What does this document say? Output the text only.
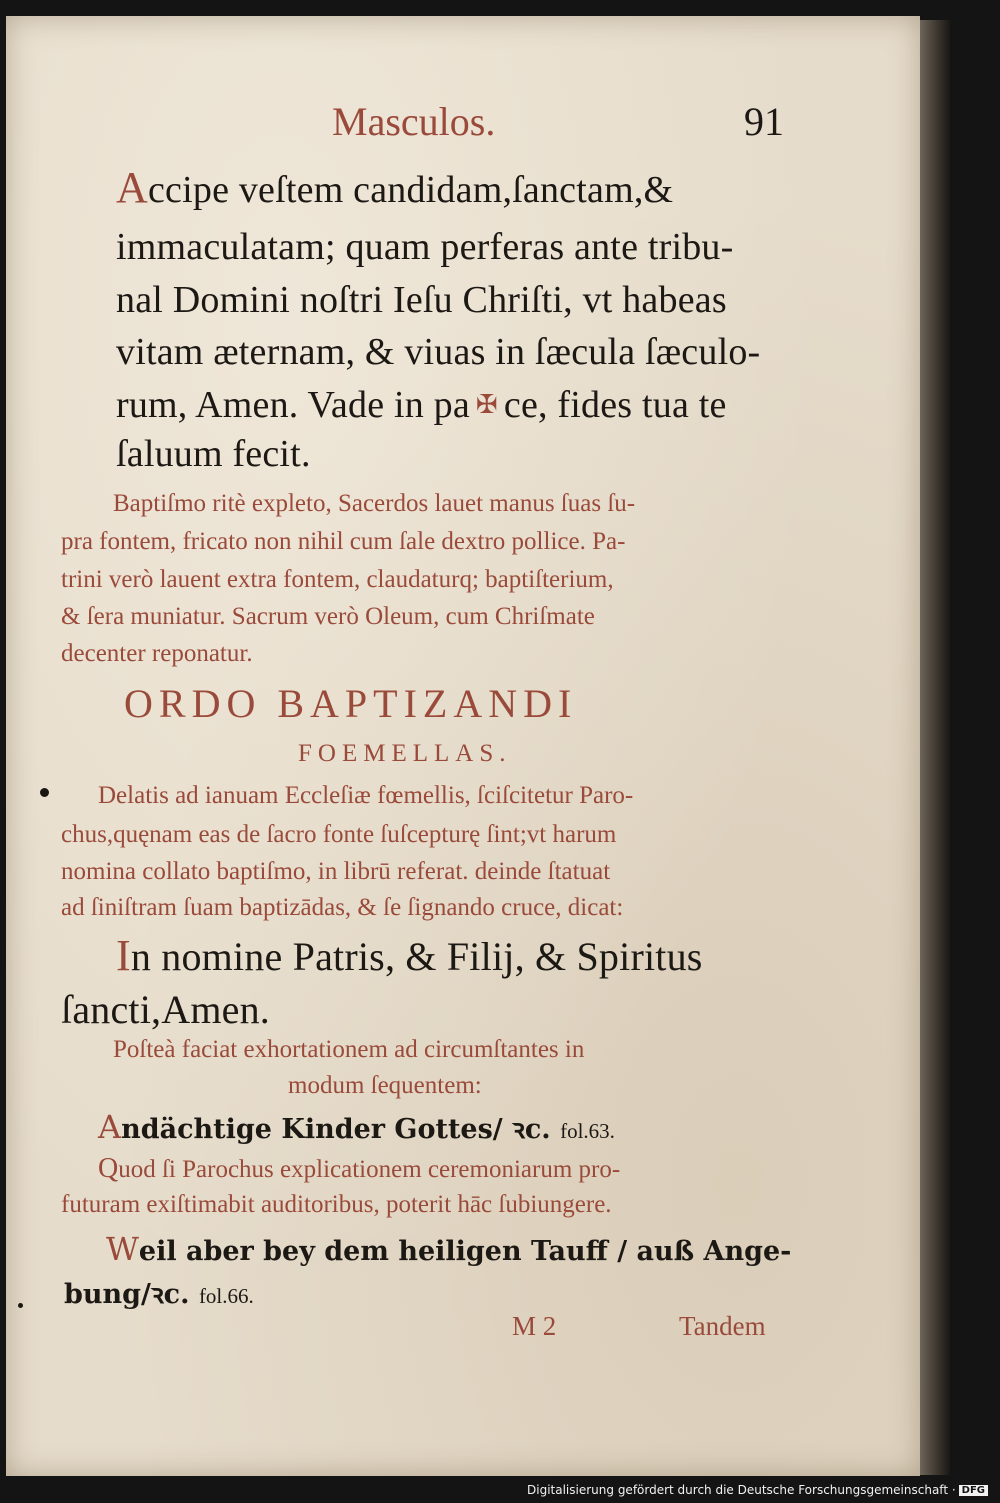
Masculos.	91
Accipe veſtem candidam,ſanctam,&
immaculatam; quam perferas ante tribu-
nal Domini noſtri Ieſu Chriſti, vt habeas
vitam æternam, & viuas in ſæcula ſæculo-
rum, Amen. Vade in pa ✠ ce, fides tua te
ſaluum fecit.
Baptiſmo ritè expleto, Sacerdos lauet manus ſuas ſu-
pra fontem, fricato non nihil cum ſale dextro pollice. Pa-
trini verò lauent extra fontem, claudaturq; baptiſterium,
& ſera muniatur. Sacrum verò Oleum, cum Chriſmate
decenter reponatur.
ORDO BAPTIZANDI
FOEMELLAS.
Delatis ad ianuam Eccleſiæ fœmellis, ſciſcitetur Paro-
chus,quęnam eas de ſacro fonte ſuſcepturę ſint;vt harum
nomina collato baptiſmo, in librū referat. deinde ſtatuat
ad ſiniſtram ſuam baptizādas, & ſe ſignando cruce, dicat:
In nomine Patris, & Filij, & Spiritus
ſancti,Amen.
Poſteà faciat exhortationem ad circumſtantes in
modum ſequentem:
Andächtige Kinder Gottes/ ꝛc. fol.63.
Quod ſi Parochus explicationem ceremoniarum pro-
futuram exiſtimabit auditoribus, poterit hāc ſubiungere.
Weil aber bey dem heiligen Tauff / auß Ange-
bung/ꝛc. fol.66.
M 2	Tandem
Digitalisierung gefördert durch die Deutsche Forschungsgemeinschaft · DFG
